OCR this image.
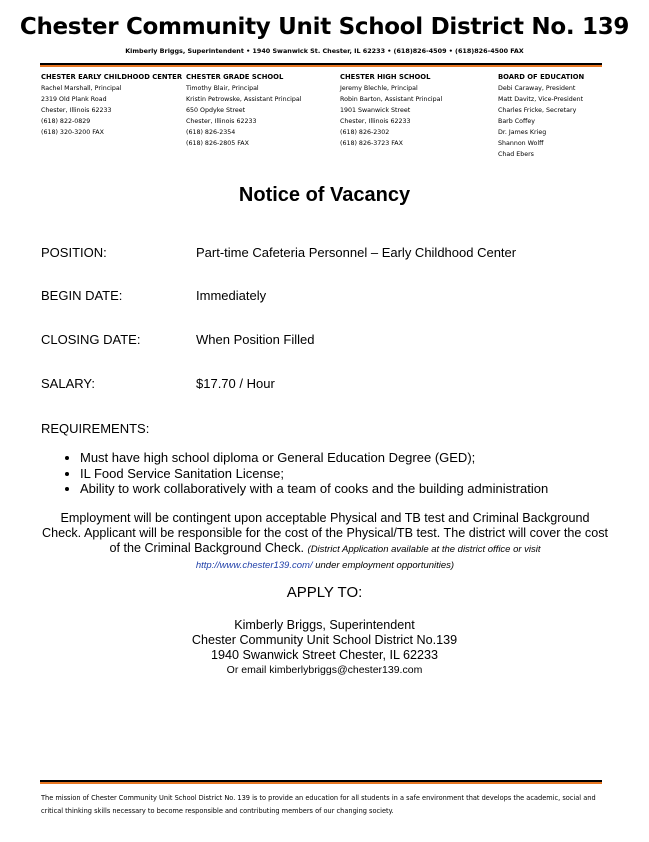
Chester Community Unit School District No. 139
Kimberly Briggs, Superintendent • 1940 Swanwick St. Chester, IL 62233 • (618)826-4509 • (618)826-4500 FAX
CHESTER EARLY CHILDHOOD CENTER
Rachel Marshall, Principal
2319 Old Plank Road
Chester, Illinois 62233
(618) 822-0829
(618) 320-3200 FAX
CHESTER GRADE SCHOOL
Timothy Blair, Principal
Kristin Petrowske, Assistant Principal
650 Opdyke Street
Chester, Illinois 62233
(618) 826-2354
(618) 826-2805 FAX
CHESTER HIGH SCHOOL
Jeremy Blechle, Principal
Robin Barton, Assistant Principal
1901 Swanwick Street
Chester, Illinois 62233
(618) 826-2302
(618) 826-3723 FAX
BOARD OF EDUCATION
Debi Caraway, President
Matt Davitz, Vice-President
Charles Fricke, Secretary
Barb Coffey
Dr. James Krieg
Shannon Wolff
Chad Ebers
Notice of Vacancy
POSITION:	Part-time Cafeteria Personnel – Early Childhood Center
BEGIN DATE:	Immediately
CLOSING DATE:	When Position Filled
SALARY:	$17.70 / Hour
REQUIREMENTS:
• Must have high school diploma or General Education Degree (GED);
• IL Food Service Sanitation License;
• Ability to work collaboratively with a team of cooks and the building administration
Employment will be contingent upon acceptable Physical and TB test and Criminal Background Check. Applicant will be responsible for the cost of the Physical/TB test. The district will cover the cost of the Criminal Background Check. (District Application available at the district office or visit
http://www.chester139.com/ under employment opportunities)
APPLY TO:
Kimberly Briggs, Superintendent
Chester Community Unit School District No.139
1940 Swanwick Street Chester, IL 62233
Or email kimberlybriggs@chester139.com
The mission of Chester Community Unit School District No. 139 is to provide an education for all students in a safe environment that develops the academic, social and critical thinking skills necessary to become responsible and contributing members of our changing society.
